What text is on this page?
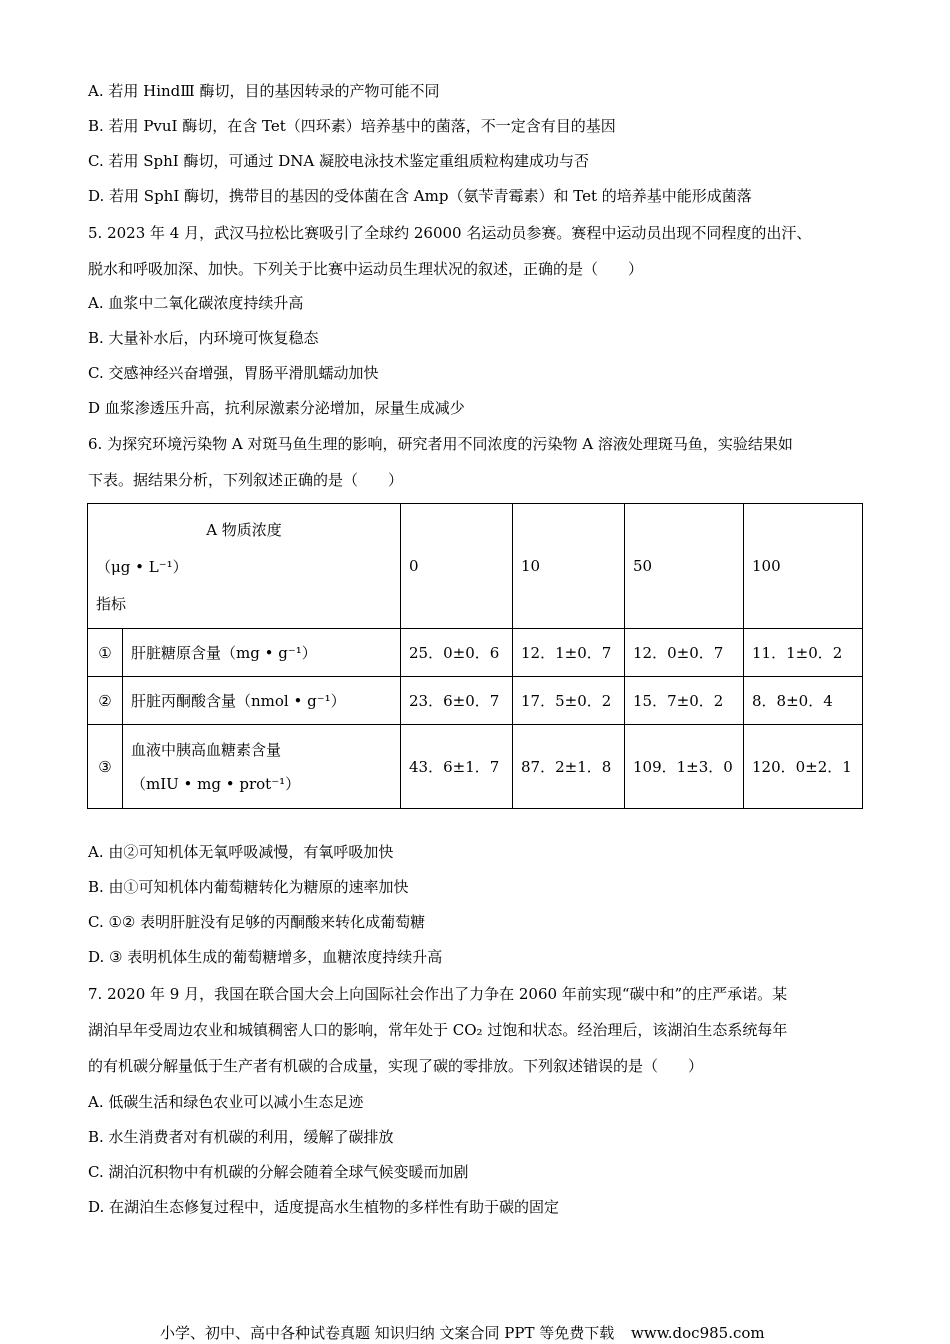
A. 若用 HindⅢ 酶切，目的基因转录的产物可能不同
B. 若用 PvuⅠ 酶切，在含 Tet（四环素）培养基中的菌落，不一定含有目的基因
C. 若用 SphⅠ 酶切，可通过 DNA 凝胶电泳技术鉴定重组质粒构建成功与否
D. 若用 SphⅠ 酶切，携带目的基因的受体菌在含 Amp（氨苄青霉素）和 Tet 的培养基中能形成菌落
5. 2023 年 4 月，武汉马拉松比赛吸引了全球约 26000 名运动员参赛。赛程中运动员出现不同程度的出汗、
脱水和呼吸加深、加快。下列关于比赛中运动员生理状况的叙述，正确的是（　　）
A. 血浆中二氧化碳浓度持续升高
B. 大量补水后，内环境可恢复稳态
C. 交感神经兴奋增强，胃肠平滑肌蠕动加快
D 血浆渗透压升高，抗利尿激素分泌增加，尿量生成减少
6. 为探究环境污染物 A 对斑马鱼生理的影响，研究者用不同浓度的污染物 A 溶液处理斑马鱼，实验结果如
下表。据结果分析，下列叙述正确的是（　　）
A 物质浓度
（μg • L⁻¹）
指标		0	10	50	100
①	肝脏糖原含量（mg • g⁻¹）	25．0±0．6	12．1±0．7	12．0±0．7	11．1±0．2
②	肝脏丙酮酸含量（nmol • g⁻¹）	23．6±0．7	17．5±0．2	15．7±0．2	8．8±0．4
③	血液中胰高血糖素含量
（mIU • mg • prot⁻¹）	43．6±1．7	87．2±1．8	109．1±3．0	120．0±2．1
A. 由②可知机体无氧呼吸减慢，有氧呼吸加快
B. 由①可知机体内葡萄糖转化为糖原的速率加快
C. ①② 表明肝脏没有足够的丙酮酸来转化成葡萄糖
D. ③ 表明机体生成的葡萄糖增多，血糖浓度持续升高
7. 2020 年 9 月，我国在联合国大会上向国际社会作出了力争在 2060 年前实现“碳中和”的庄严承诺。某
湖泊早年受周边农业和城镇稠密人口的影响，常年处于 CO₂ 过饱和状态。经治理后，该湖泊生态系统每年
的有机碳分解量低于生产者有机碳的合成量，实现了碳的零排放。下列叙述错误的是（　　）
A. 低碳生活和绿色农业可以减小生态足迹
B. 水生消费者对有机碳的利用，缓解了碳排放
C. 湖泊沉积物中有机碳的分解会随着全球气候变暖而加剧
D. 在湖泊生态修复过程中，适度提高水生植物的多样性有助于碳的固定
小学、初中、高中各种试卷真题 知识归纳 文案合同 PPT 等免费下载 www.doc985.com
